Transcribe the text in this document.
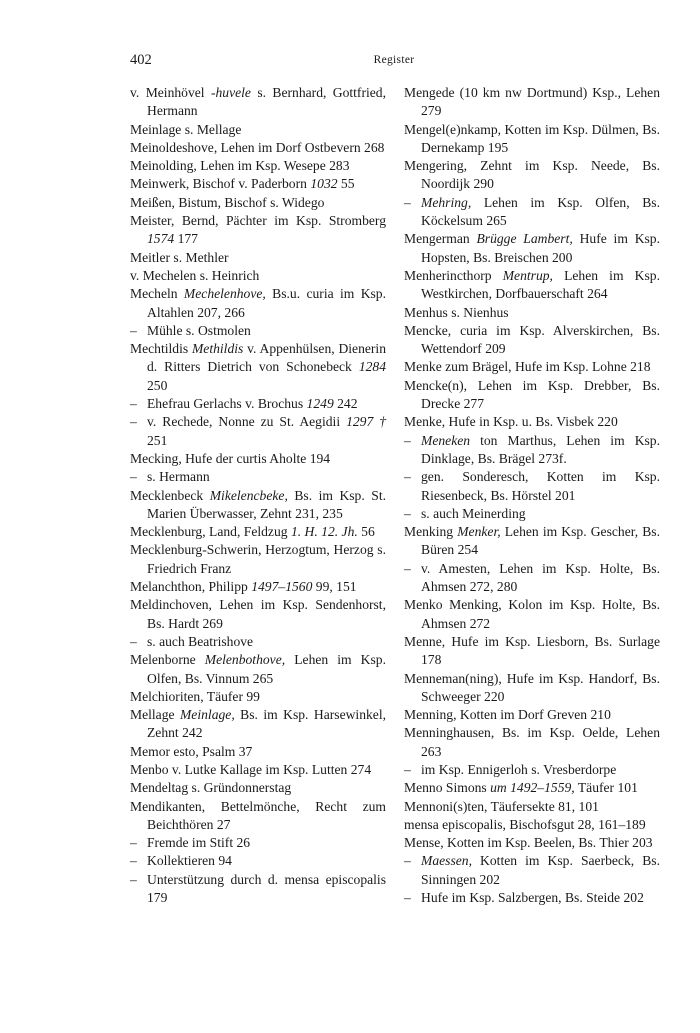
402	Register
v. Meinhövel -huvele s. Bernhard, Gottfried, Hermann
Meinlage s. Mellage
Meinoldeshove, Lehen im Dorf Ostbevern 268
Meinolding, Lehen im Ksp. Wesepe 283
Meinwerk, Bischof v. Paderborn 1032 55
Meißen, Bistum, Bischof s. Widego
Meister, Bernd, Pächter im Ksp. Stromberg 1574 177
Meitler s. Methler
v. Mechelen s. Heinrich
Mecheln Mechelenhove, Bs.u. curia im Ksp. Altahlen 207, 266
– Mühle s. Ostmolen
Mechtildis Methildis v. Appenhülsen, Dienerin d. Ritters Dietrich von Schonebeck 1284 250
– Ehefrau Gerlachs v. Brochus 1249 242
– v. Rechede, Nonne zu St. Aegidii 1297 † 251
Mecking, Hufe der curtis Aholte 194
– s. Hermann
Mecklenbeck Mikelencbeke, Bs. im Ksp. St. Marien Überwasser, Zehnt 231, 235
Mecklenburg, Land, Feldzug 1. H. 12. Jh. 56
Mecklenburg-Schwerin, Herzogtum, Herzog s. Friedrich Franz
Melanchthon, Philipp 1497–1560 99, 151
Meldinchoven, Lehen im Ksp. Sendenhorst, Bs. Hardt 269
– s. auch Beatrishove
Melenborne Melenbothove, Lehen im Ksp. Olfen, Bs. Vinnum 265
Melchioriten, Täufer 99
Mellage Meinlage, Bs. im Ksp. Harsewinkel, Zehnt 242
Memor esto, Psalm 37
Menbo v. Lutke Kallage im Ksp. Lutten 274
Mendeltag s. Gründonnerstag
Mendikanten, Bettelmönche, Recht zum Beichthören 27
– Fremde im Stift 26
– Kollektieren 94
– Unterstützung durch d. mensa episcopalis 179
Mengede (10 km nw Dortmund) Ksp., Lehen 279
Mengel(e)nkamp, Kotten im Ksp. Dülmen, Bs. Dernekamp 195
Mengering, Zehnt im Ksp. Neede, Bs. Noordijk 290
– Mehring, Lehen im Ksp. Olfen, Bs. Köckelsum 265
Mengerman Brügge Lambert, Hufe im Ksp. Hopsten, Bs. Breischen 200
Menherincthorp Mentrup, Lehen im Ksp. Westkirchen, Dorfbauerschaft 264
Menhus s. Nienhus
Mencke, curia im Ksp. Alverskirchen, Bs. Wettendorf 209
Menke zum Brägel, Hufe im Ksp. Lohne 218
Mencke(n), Lehen im Ksp. Drebber, Bs. Drecke 277
Menke, Hufe in Ksp. u. Bs. Visbek 220
– Meneken ton Marthus, Lehen im Ksp. Dinklage, Bs. Brägel 273f.
– gen. Sonderesch, Kotten im Ksp. Riesenbeck, Bs. Hörstel 201
– s. auch Meinerding
Menking Menker, Lehen im Ksp. Gescher, Bs. Büren 254
– v. Amesten, Lehen im Ksp. Holte, Bs. Ahmsen 272, 280
Menko Menking, Kolon im Ksp. Holte, Bs. Ahmsen 272
Menne, Hufe im Ksp. Liesborn, Bs. Surlage 178
Menneman(ning), Hufe im Ksp. Handorf, Bs. Schweeger 220
Menning, Kotten im Dorf Greven 210
Menninghausen, Bs. im Ksp. Oelde, Lehen 263
– im Ksp. Ennigerloh s. Vresberdorpe
Menno Simons um 1492–1559, Täufer 101
Mennoni(s)ten, Täufersekte 81, 101
mensa episcopalis, Bischofsgut 28, 161–189
Mense, Kotten im Ksp. Beelen, Bs. Thier 203
– Maessen, Kotten im Ksp. Saerbeck, Bs. Sinningen 202
– Hufe im Ksp. Salzbergen, Bs. Steide 202
